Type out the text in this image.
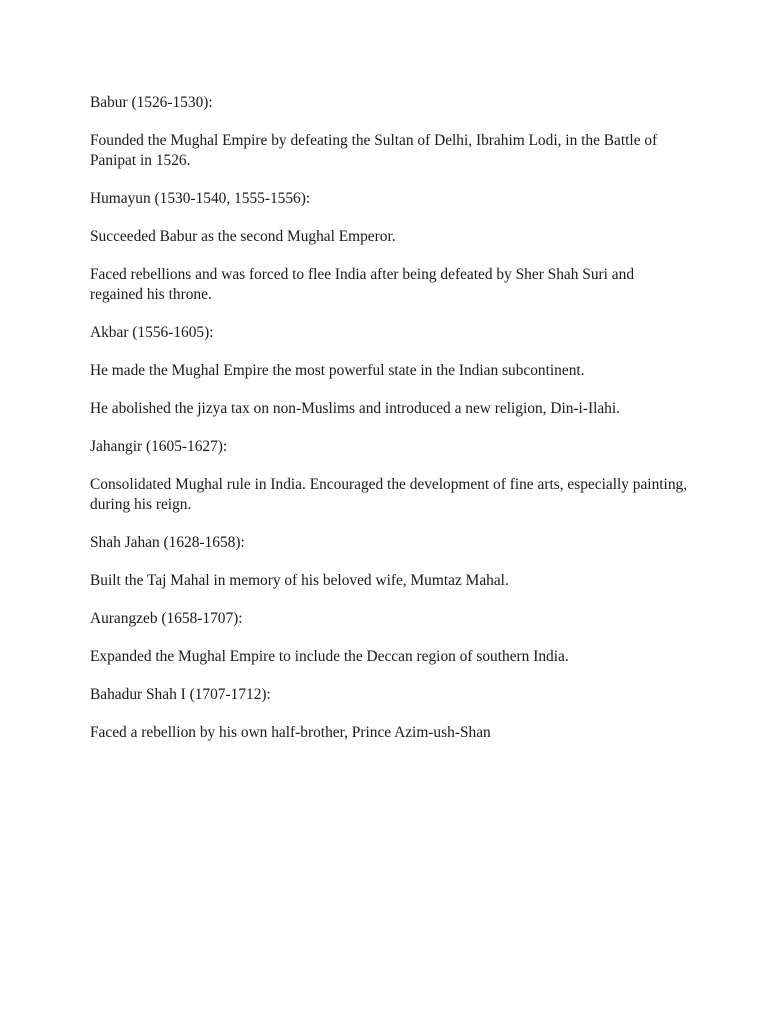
Babur (1526-1530):

Founded the Mughal Empire by defeating the Sultan of Delhi, Ibrahim Lodi, in the Battle of Panipat in 1526.

Humayun (1530-1540, 1555-1556):

Succeeded Babur as the second Mughal Emperor.

Faced rebellions and was forced to flee India after being defeated by Sher Shah Suri and regained his throne.

Akbar (1556-1605):

He made the Mughal Empire the most powerful state in the Indian subcontinent.

He abolished the jizya tax on non-Muslims and introduced a new religion, Din-i-Ilahi.

Jahangir (1605-1627):

Consolidated Mughal rule in India. Encouraged the development of fine arts, especially painting, during his reign.

Shah Jahan (1628-1658):

Built the Taj Mahal in memory of his beloved wife, Mumtaz Mahal.

Aurangzeb (1658-1707):

Expanded the Mughal Empire to include the Deccan region of southern India.

Bahadur Shah I (1707-1712):

Faced a rebellion by his own half-brother, Prince Azim-ush-Shan
